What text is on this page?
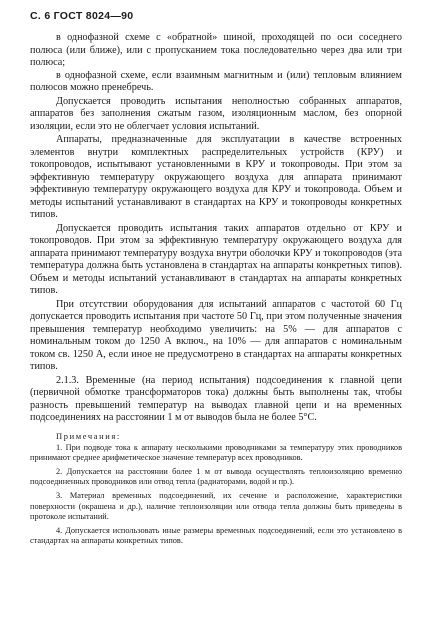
С. 6 ГОСТ 8024—90

в однофазной схеме с «обратной» шиной, проходящей по оси соседнего полюса (или ближе), или с пропусканием тока последовательно через два или три полюса;

в однофазной схеме, если взаимным магнитным и (или) тепловым влиянием полюсов можно пренебречь.

Допускается проводить испытания неполностью собранных аппаратов, аппаратов без заполнения сжатым газом, изоляционным маслом, без опорной изоляции, если это не облегчает условия испытаний.

Аппараты, предназначенные для эксплуатации в качестве встроенных элементов внутри комплектных распределительных устройств (КРУ) и токопроводов, испытывают установленными в КРУ и токопроводы. При этом за эффективную температуру окружающего воздуха для аппарата принимают эффективную температуру окружающего воздуха для КРУ и токопровода. Объем и методы испытаний устанавливают в стандартах на КРУ и токопроводы конкретных типов.

Допускается проводить испытания таких аппаратов отдельно от КРУ и токопроводов. При этом за эффективную температуру окружающего воздуха для аппарата принимают температуру воздуха внутри оболочки КРУ и токопроводов (эта температура должна быть установлена в стандартах на аппараты конкретных типов). Объем и методы испытаний устанавливают в стандартах на аппараты конкретных типов.

При отсутствии оборудования для испытаний аппаратов с частотой 60 Гц допускается проводить испытания при частоте 50 Гц, при этом полученные значения превышения температур необходимо увеличить: на 5% — для аппаратов с номинальным током до 1250 А включ., на 10% — для аппаратов с номинальным током св. 1250 А, если иное не предусмотрено в стандартах на аппараты конкретных типов.

2.1.3. Временные (на период испытания) подсоединения к главной цепи (первичной обмотке трансформаторов тока) должны быть выполнены так, чтобы разность превышений температур на выводах главной цепи и на временных подсоединениях на расстоянии 1 м от выводов была не более 5°C.

Примечания:

1. При подводе тока к аппарату несколькими проводниками за температуру этих проводников принимают среднее арифметическое значение температур всех проводников.

2. Допускается на расстоянии более 1 м от вывода осуществлять теплоизоляцию временно подсоединенных проводников или отвод тепла (радиаторами, водой и пр.).

3. Материал временных подсоединений, их сечение и расположение, характеристики поверхности (окрашена и др.), наличие теплоизоляции или отвода тепла должны быть приведены в протоколе испытаний.

4. Допускается использовать иные размеры временных подсоединений, если это установлено в стандартах на аппараты конкретных типов.
